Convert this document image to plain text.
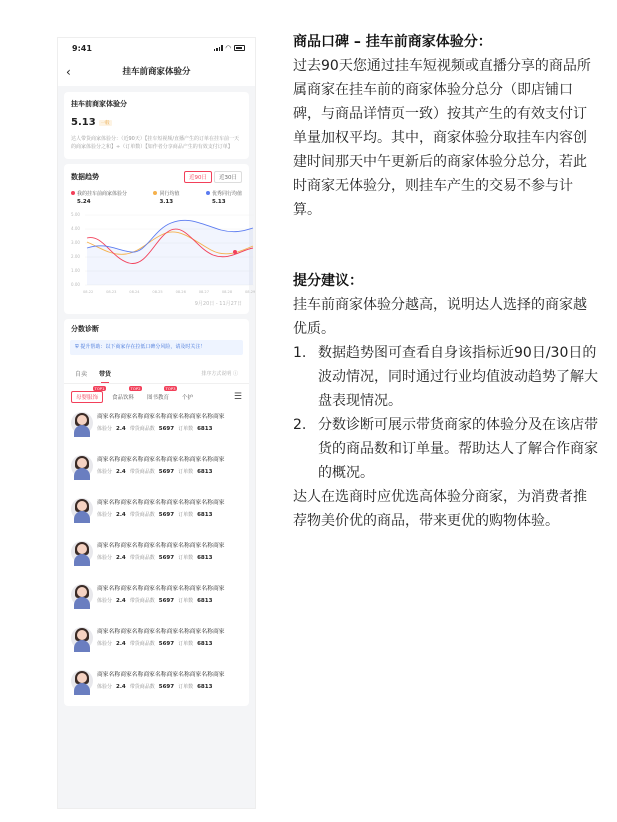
9:41	◠
‹	挂车前商家体验分
挂车前商家体验分
5.13	一般
达人带货商家体验分：（近90天）【挂车短视频/直播产生的订单在挂车前一天的商家体验分之和】÷（订单数）【如作者分享商品产生的有效支付订单】
数据趋势	近90日	近30日
我的挂车前商家体验分
5.24
同行均值
3.13
优秀同行均值
5.13
5.00
4.00
3.00
2.00
1.00
0.00
08.22	08.23	08.24	08.25	08.26	08.27	08.28	08.29
9月20日 - 11月27日
分数诊断
⛨ 提升帮助：以下商家存在拉低口碑分风险，请及时关注！
自卖 带货	排序方式说明 ⓘ
母婴服饰
TOP1
食品饮料
TOP2
图书教育
TOP3
个护	☰
商家名称商家名称商家名称商家名称商家名称商家
体验分 2.4 带货商品数 5697 订单数 6813
商家名称商家名称商家名称商家名称商家名称商家
体验分 2.4 带货商品数 5697 订单数 6813
商家名称商家名称商家名称商家名称商家名称商家
体验分 2.4 带货商品数 5697 订单数 6813
商家名称商家名称商家名称商家名称商家名称商家
体验分 2.4 带货商品数 5697 订单数 6813
商家名称商家名称商家名称商家名称商家名称商家
体验分 2.4 带货商品数 5697 订单数 6813
商家名称商家名称商家名称商家名称商家名称商家
体验分 2.4 带货商品数 5697 订单数 6813
商家名称商家名称商家名称商家名称商家名称商家
体验分 2.4 带货商品数 5697 订单数 6813
商品口碑 – 挂车前商家体验分：
过去90天您通过挂车短视频或直播分享的商品所属商家在挂车前的商家体验分总分（即店铺口碑，与商品详情页一致）按其产生的有效支付订单量加权平均。其中，商家体验分取挂车内容创建时间那天中午更新后的商家体验分总分，若此时商家无体验分，则挂车产生的交易不参与计算。
提分建议：
挂车前商家体验分越高，说明达人选择的商家越优质。
1. 数据趋势图可查看自身该指标近90日/30日的波动情况，同时通过行业均值波动趋势了解大盘表现情况。
2. 分数诊断可展示带货商家的体验分及在该店带货的商品数和订单量。帮助达人了解合作商家的概况。
达人在选商时应优选高体验分商家，为消费者推荐物美价优的商品，带来更优的购物体验。
